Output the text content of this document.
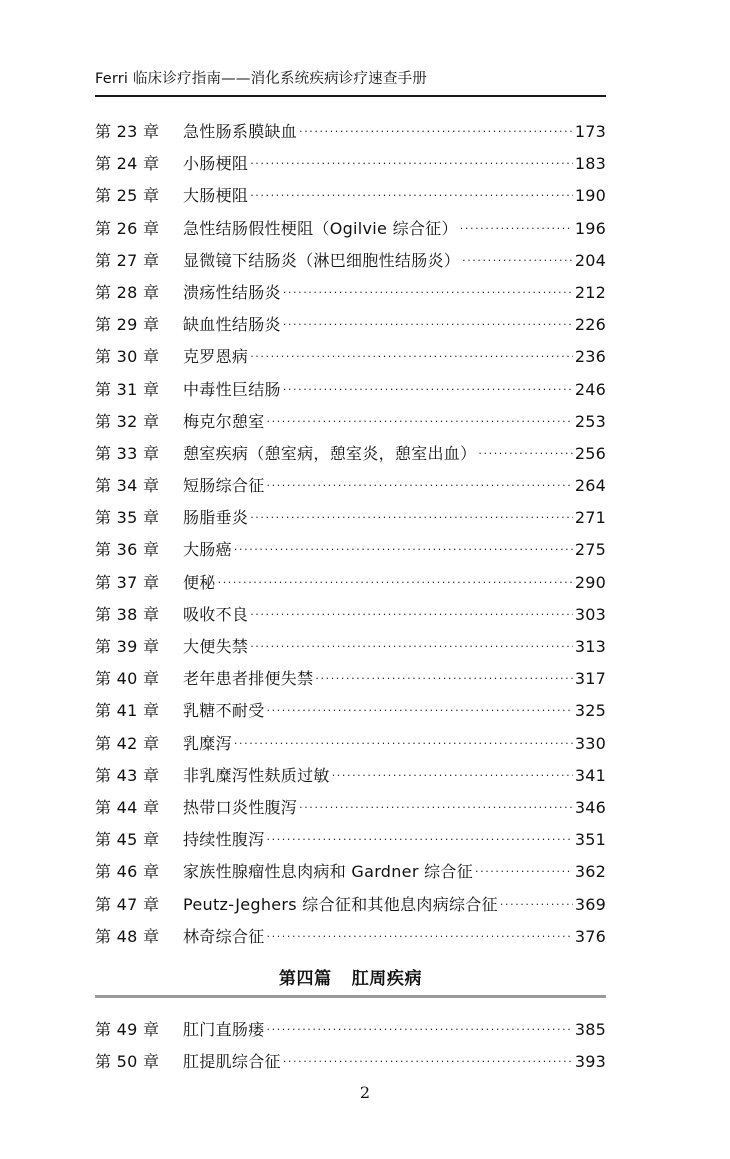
Ferri 临床诊疗指南——消化系统疾病诊疗速查手册
第 23 章	急性肠系膜缺血 ·····	173
第 24 章	小肠梗阻 ·····	183
第 25 章	大肠梗阻 ·····	190
第 26 章	急性结肠假性梗阻（Ogilvie 综合征） ·····	196
第 27 章	显微镜下结肠炎（淋巴细胞性结肠炎） ·····	204
第 28 章	溃疡性结肠炎 ·····	212
第 29 章	缺血性结肠炎 ·····	226
第 30 章	克罗恩病 ·····	236
第 31 章	中毒性巨结肠 ·····	246
第 32 章	梅克尔憩室 ·····	253
第 33 章	憩室疾病（憩室病，憩室炎，憩室出血） ·····	256
第 34 章	短肠综合征 ·····	264
第 35 章	肠脂垂炎 ·····	271
第 36 章	大肠癌 ·····	275
第 37 章	便秘 ·····	290
第 38 章	吸收不良 ·····	303
第 39 章	大便失禁 ·····	313
第 40 章	老年患者排便失禁 ·····	317
第 41 章	乳糖不耐受 ·····	325
第 42 章	乳糜泻 ·····	330
第 43 章	非乳糜泻性麸质过敏 ·····	341
第 44 章	热带口炎性腹泻 ·····	346
第 45 章	持续性腹泻 ·····	351
第 46 章	家族性腺瘤性息肉病和 Gardner 综合征 ·····	362
第 47 章	Peutz-Jeghers 综合征和其他息肉病综合征 ·····	369
第 48 章	林奇综合征 ·····	376
第四篇 肛周疾病
第 49 章	肛门直肠瘘 ·····	385
第 50 章	肛提肌综合征 ·····	393
2
